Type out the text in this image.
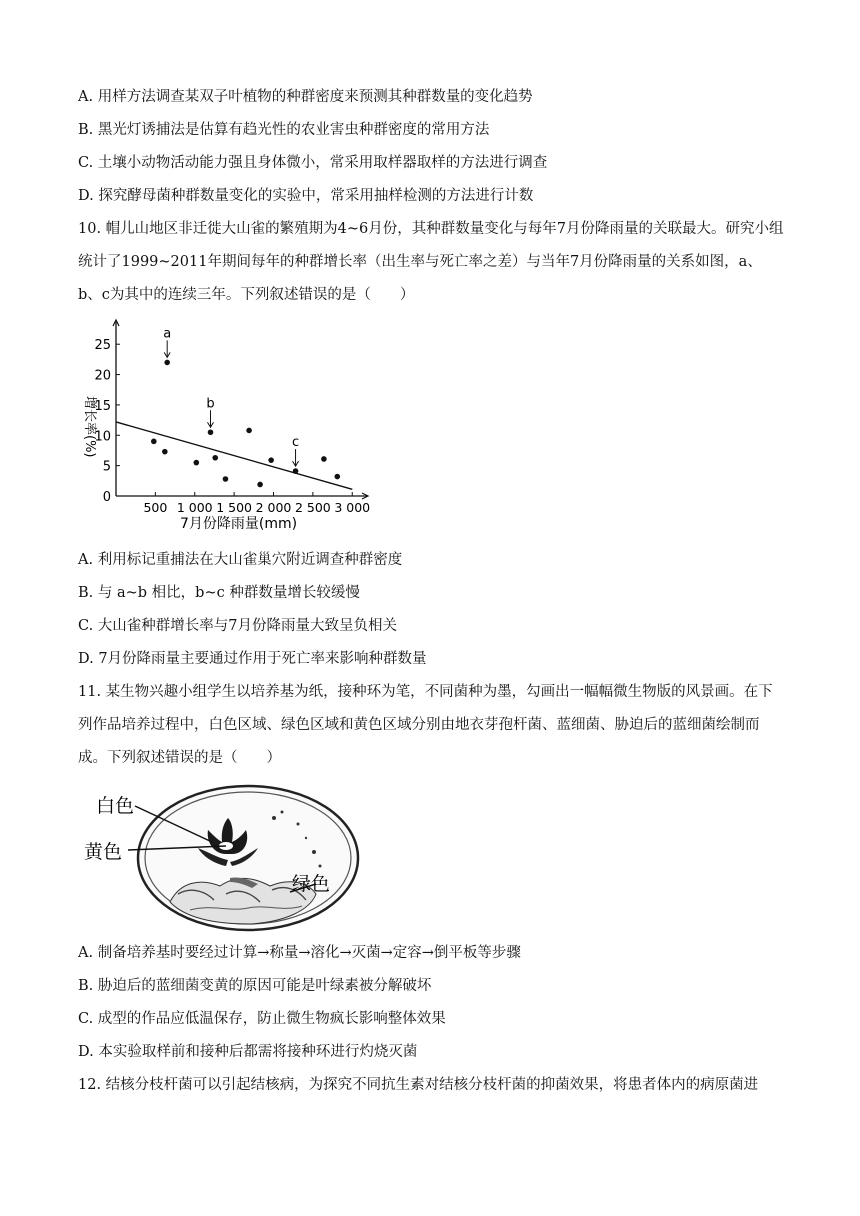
A. 用样方法调查某双子叶植物的种群密度来预测其种群数量的变化趋势
B. 黑光灯诱捕法是估算有趋光性的农业害虫种群密度的常用方法
C. 土壤小动物活动能力强且身体微小，常采用取样器取样的方法进行调查
D. 探究酵母菌种群数量变化的实验中，常采用抽样检测的方法进行计数
10. 帽儿山地区非迁徙大山雀的繁殖期为4~6月份，其种群数量变化与每年7月份降雨量的关联最大。研究小组统计了1999~2011年期间每年的种群增长率（出生率与死亡率之差）与当年7月份降雨量的关系如图，a、b、c为其中的连续三年。下列叙述错误的是（　　）
0
5
10
15
20
25
500 1 000 1 500 2 000 2 500 3 000
a
b
c
7月份降雨量(mm)
增长率(%)
A. 利用标记重捕法在大山雀巢穴附近调查种群密度
B. 与 a~b 相比，b~c 种群数量增长较缓慢
C. 大山雀种群增长率与7月份降雨量大致呈负相关
D. 7月份降雨量主要通过作用于死亡率来影响种群数量
11. 某生物兴趣小组学生以培养基为纸，接种环为笔，不同菌种为墨，勾画出一幅幅微生物版的风景画。在下列作品培养过程中，白色区域、绿色区域和黄色区域分别由地衣芽孢杆菌、蓝细菌、胁迫后的蓝细菌绘制而成。下列叙述错误的是（　　）
白色
黄色
绿色
A. 制备培养基时要经过计算→称量→溶化→灭菌→定容→倒平板等步骤
B. 胁迫后的蓝细菌变黄的原因可能是叶绿素被分解破坏
C. 成型的作品应低温保存，防止微生物疯长影响整体效果
D. 本实验取样前和接种后都需将接种环进行灼烧灭菌
12. 结核分枝杆菌可以引起结核病，为探究不同抗生素对结核分枝杆菌的抑菌效果，将患者体内的病原菌进
